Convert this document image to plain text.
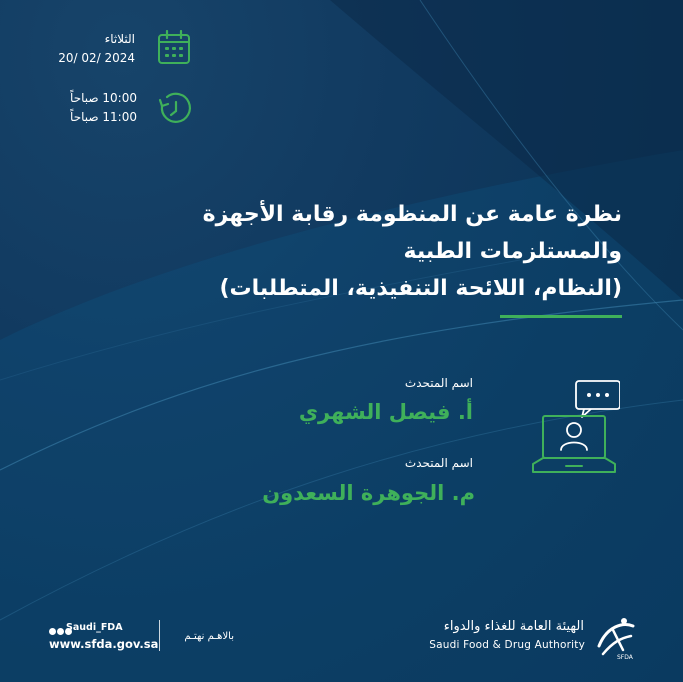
الثلاثاء
20/ 02/ 2024
10:00 صباحاً
11:00 صباحاً
نظرة عامة عن المنظومة رقابة الأجهزة
والمستلزمات الطبية
(النظام، اللائحة التنفيذية، المتطلبات)
اسم المتحدث
أ. فيصل الشهري
اسم المتحدث
م. الجوهرة السعدون
Saudi_FDA
www.sfda.gov.sa
بالاهـم نهتـم
الهيئة العامة للغذاء والدواء
Saudi Food & Drug Authority
SFDA
